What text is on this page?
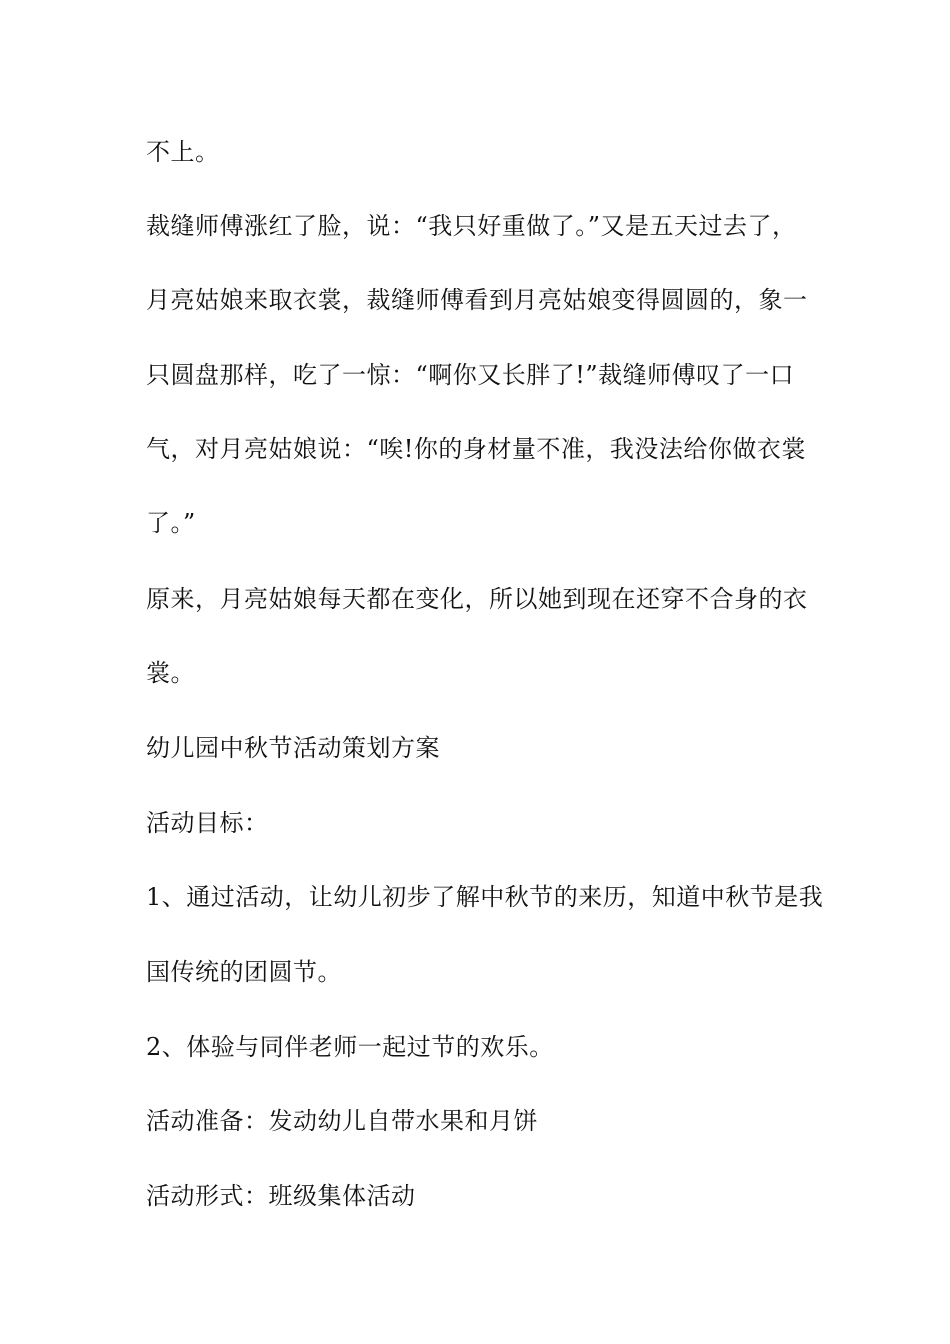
不上。

裁缝师傅涨红了脸，说：“我只好重做了。”又是五天过去了，

月亮姑娘来取衣裳，裁缝师傅看到月亮姑娘变得圆圆的，象一

只圆盘那样，吃了一惊：“啊你又长胖了!”裁缝师傅叹了一口

气，对月亮姑娘说：“唉!你的身材量不准，我没法给你做衣裳

了。”

原来，月亮姑娘每天都在变化，所以她到现在还穿不合身的衣

裳。

幼儿园中秋节活动策划方案

活动目标：

1、通过活动，让幼儿初步了解中秋节的来历，知道中秋节是我

国传统的团圆节。

2、体验与同伴老师一起过节的欢乐。

活动准备：发动幼儿自带水果和月饼

活动形式：班级集体活动
